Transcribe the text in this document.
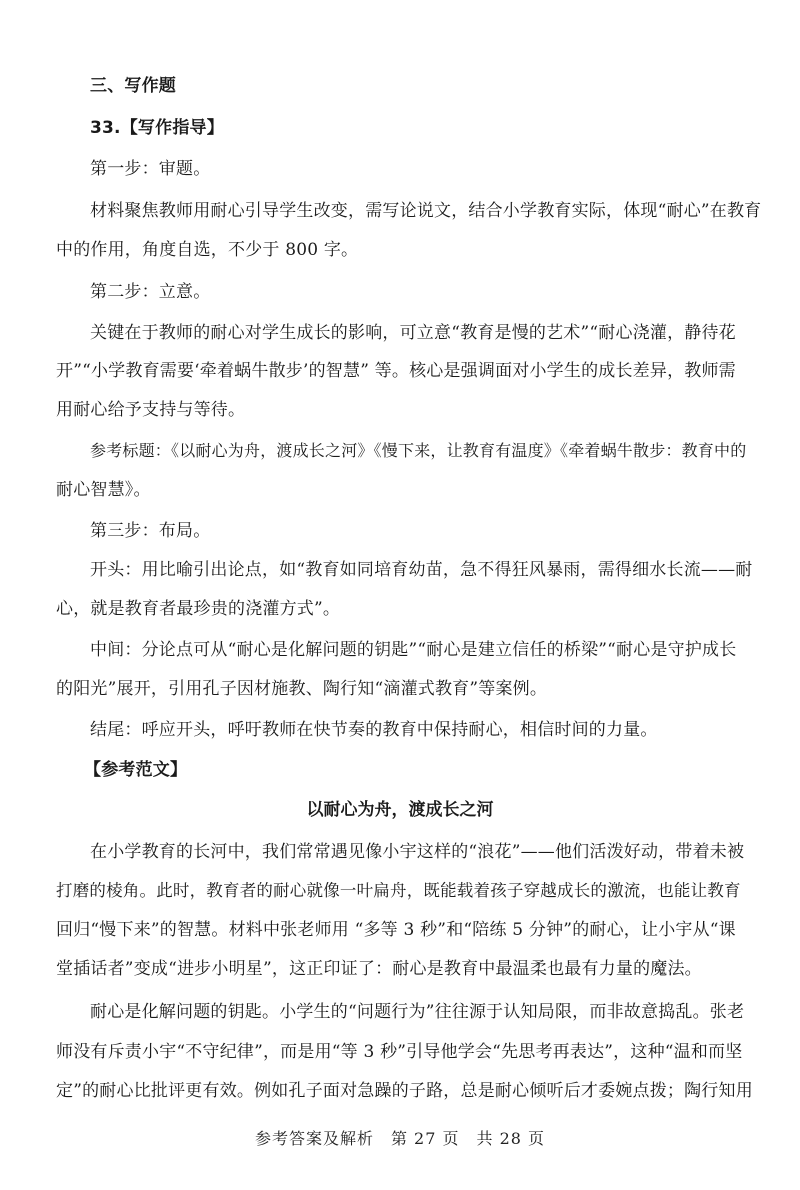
三、写作题
33.【写作指导】
第一步：审题。
材料聚焦教师用耐心引导学生改变，需写论说文，结合小学教育实际，体现“耐心”在教育
中的作用，角度自选，不少于 800 字。
第二步：立意。
关键在于教师的耐心对学生成长的影响，可立意“教育是慢的艺术”“耐心浇灌，静待花
开”“小学教育需要‘牵着蜗牛散步’的智慧” 等。核心是强调面对小学生的成长差异，教师需
用耐心给予支持与等待。
参考标题：《以耐心为舟，渡成长之河》《慢下来，让教育有温度》《牵着蜗牛散步：教育中的
耐心智慧》。
第三步：布局。
开头：用比喻引出论点，如“教育如同培育幼苗，急不得狂风暴雨，需得细水长流——耐
心，就是教育者最珍贵的浇灌方式”。
中间：分论点可从“耐心是化解问题的钥匙”“耐心是建立信任的桥梁”“耐心是守护成长
的阳光”展开，引用孔子因材施教、陶行知“滴灌式教育”等案例。
结尾：呼应开头，呼吁教师在快节奏的教育中保持耐心，相信时间的力量。
【参考范文】
以耐心为舟，渡成长之河
在小学教育的长河中，我们常常遇见像小宇这样的“浪花”——他们活泼好动，带着未被
打磨的棱角。此时，教育者的耐心就像一叶扁舟，既能载着孩子穿越成长的激流，也能让教育
回归“慢下来”的智慧。材料中张老师用 “多等 3 秒”和“陪练 5 分钟”的耐心，让小宇从“课
堂插话者”变成“进步小明星”，这正印证了：耐心是教育中最温柔也最有力量的魔法。
耐心是化解问题的钥匙。小学生的“问题行为”往往源于认知局限，而非故意捣乱。张老
师没有斥责小宇“不守纪律”，而是用“等 3 秒”引导他学会“先思考再表达”，这种“温和而坚
定”的耐心比批评更有效。例如孔子面对急躁的子路，总是耐心倾听后才委婉点拨；陶行知用
参考答案及解析　第 27 页　共 28 页
